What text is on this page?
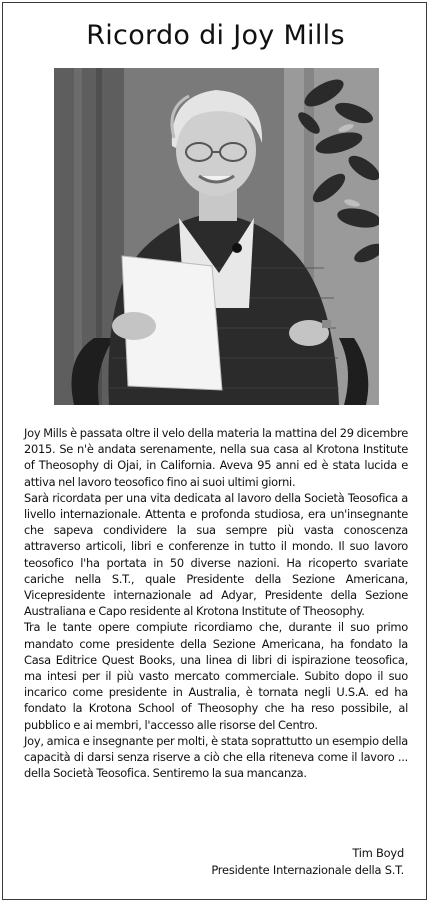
Ricordo di Joy Mills

Joy Mills è passata oltre il velo della materia la mattina del 29 dicembre 2015. Se n'è andata serenamente, nella sua casa al Krotona Institute of Theosophy di Ojai, in California. Aveva 95 anni ed è stata lucida e attiva nel lavoro teosofico fino ai suoi ultimi giorni.

Sarà ricordata per una vita dedicata al lavoro della Società Teosofica a livello internazionale. Attenta e profonda studiosa, era un'insegnante che sapeva condividere la sua sempre più vasta conoscenza attraverso articoli, libri e conferenze in tutto il mondo. Il suo lavoro teosofico l'ha portata in 50 diverse nazioni. Ha ricoperto svariate cariche nella S.T., quale Presidente della Sezione Americana, Vicepresidente internazionale ad Adyar, Presidente della Sezione Australiana e Capo residente al Krotona Institute of Theosophy.

Tra le tante opere compiute ricordiamo che, durante il suo primo mandato come presidente della Sezione Americana, ha fondato la Casa Editrice Quest Books, una linea di libri di ispirazione teosofica, ma intesi per il più vasto mercato commerciale. Subito dopo il suo incarico come presidente in Australia, è tornata negli U.S.A. ed ha fondato la Krotona School of Theosophy che ha reso possibile, al pubblico e ai membri, l'accesso alle risorse del Centro.

Joy, amica e insegnante per molti, è stata soprattutto un esempio della capacità di darsi senza riserve a ciò che ella riteneva come il lavoro ... della Società Teosofica. Sentiremo la sua mancanza.

Tim Boyd
Presidente Internazionale della S.T.
